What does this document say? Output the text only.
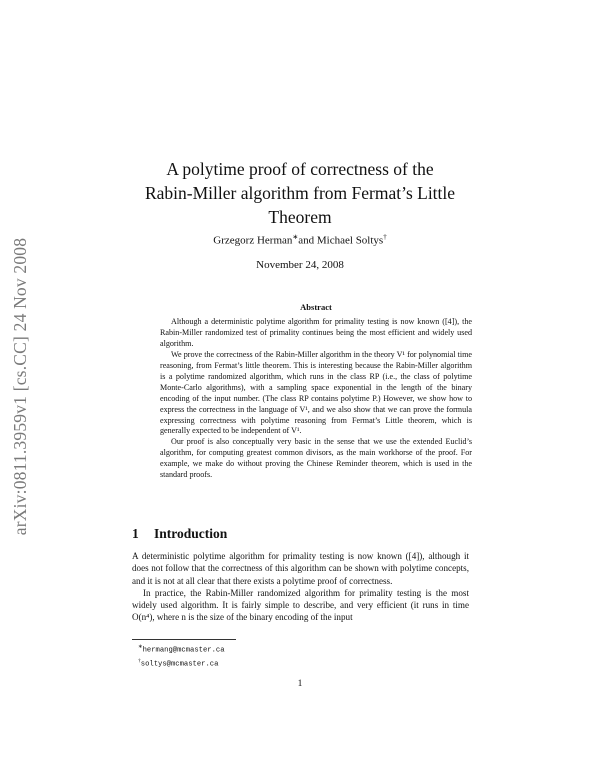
arXiv:0811.3959v1 [cs.CC] 24 Nov 2008
A polytime proof of correctness of the
Rabin-Miller algorithm from Fermat’s Little
Theorem
Grzegorz Herman∗and Michael Soltys†
November 24, 2008
Abstract

Although a deterministic polytime algorithm for primality testing is now known ([4]), the Rabin-Miller randomized test of primality continues being the most efficient and widely used algorithm.

We prove the correctness of the Rabin-Miller algorithm in the theory V¹ for polynomial time reasoning, from Fermat’s little theorem. This is interesting because the Rabin-Miller algorithm is a polytime randomized algorithm, which runs in the class RP (i.e., the class of polytime Monte-Carlo algorithms), with a sampling space exponential in the length of the binary encoding of the input number. (The class RP contains polytime P.) However, we show how to express the correctness in the language of V¹, and we also show that we can prove the formula expressing correctness with polytime reasoning from Fermat’s Little theorem, which is generally expected to be independent of V¹.

Our proof is also conceptually very basic in the sense that we use the extended Euclid’s algorithm, for computing greatest common divisors, as the main workhorse of the proof. For example, we make do without proving the Chinese Reminder theorem, which is used in the standard proofs.

1 Introduction

A deterministic polytime algorithm for primality testing is now known ([4]), although it does not follow that the correctness of this algorithm can be shown with polytime concepts, and it is not at all clear that there exists a polytime proof of correctness.

In practice, the Rabin-Miller randomized algorithm for primality testing is the most widely used algorithm. It is fairly simple to describe, and very efficient (it runs in time O(n⁴), where n is the size of the binary encoding of the input

∗hermang@mcmaster.ca
†soltys@mcmaster.ca
1
